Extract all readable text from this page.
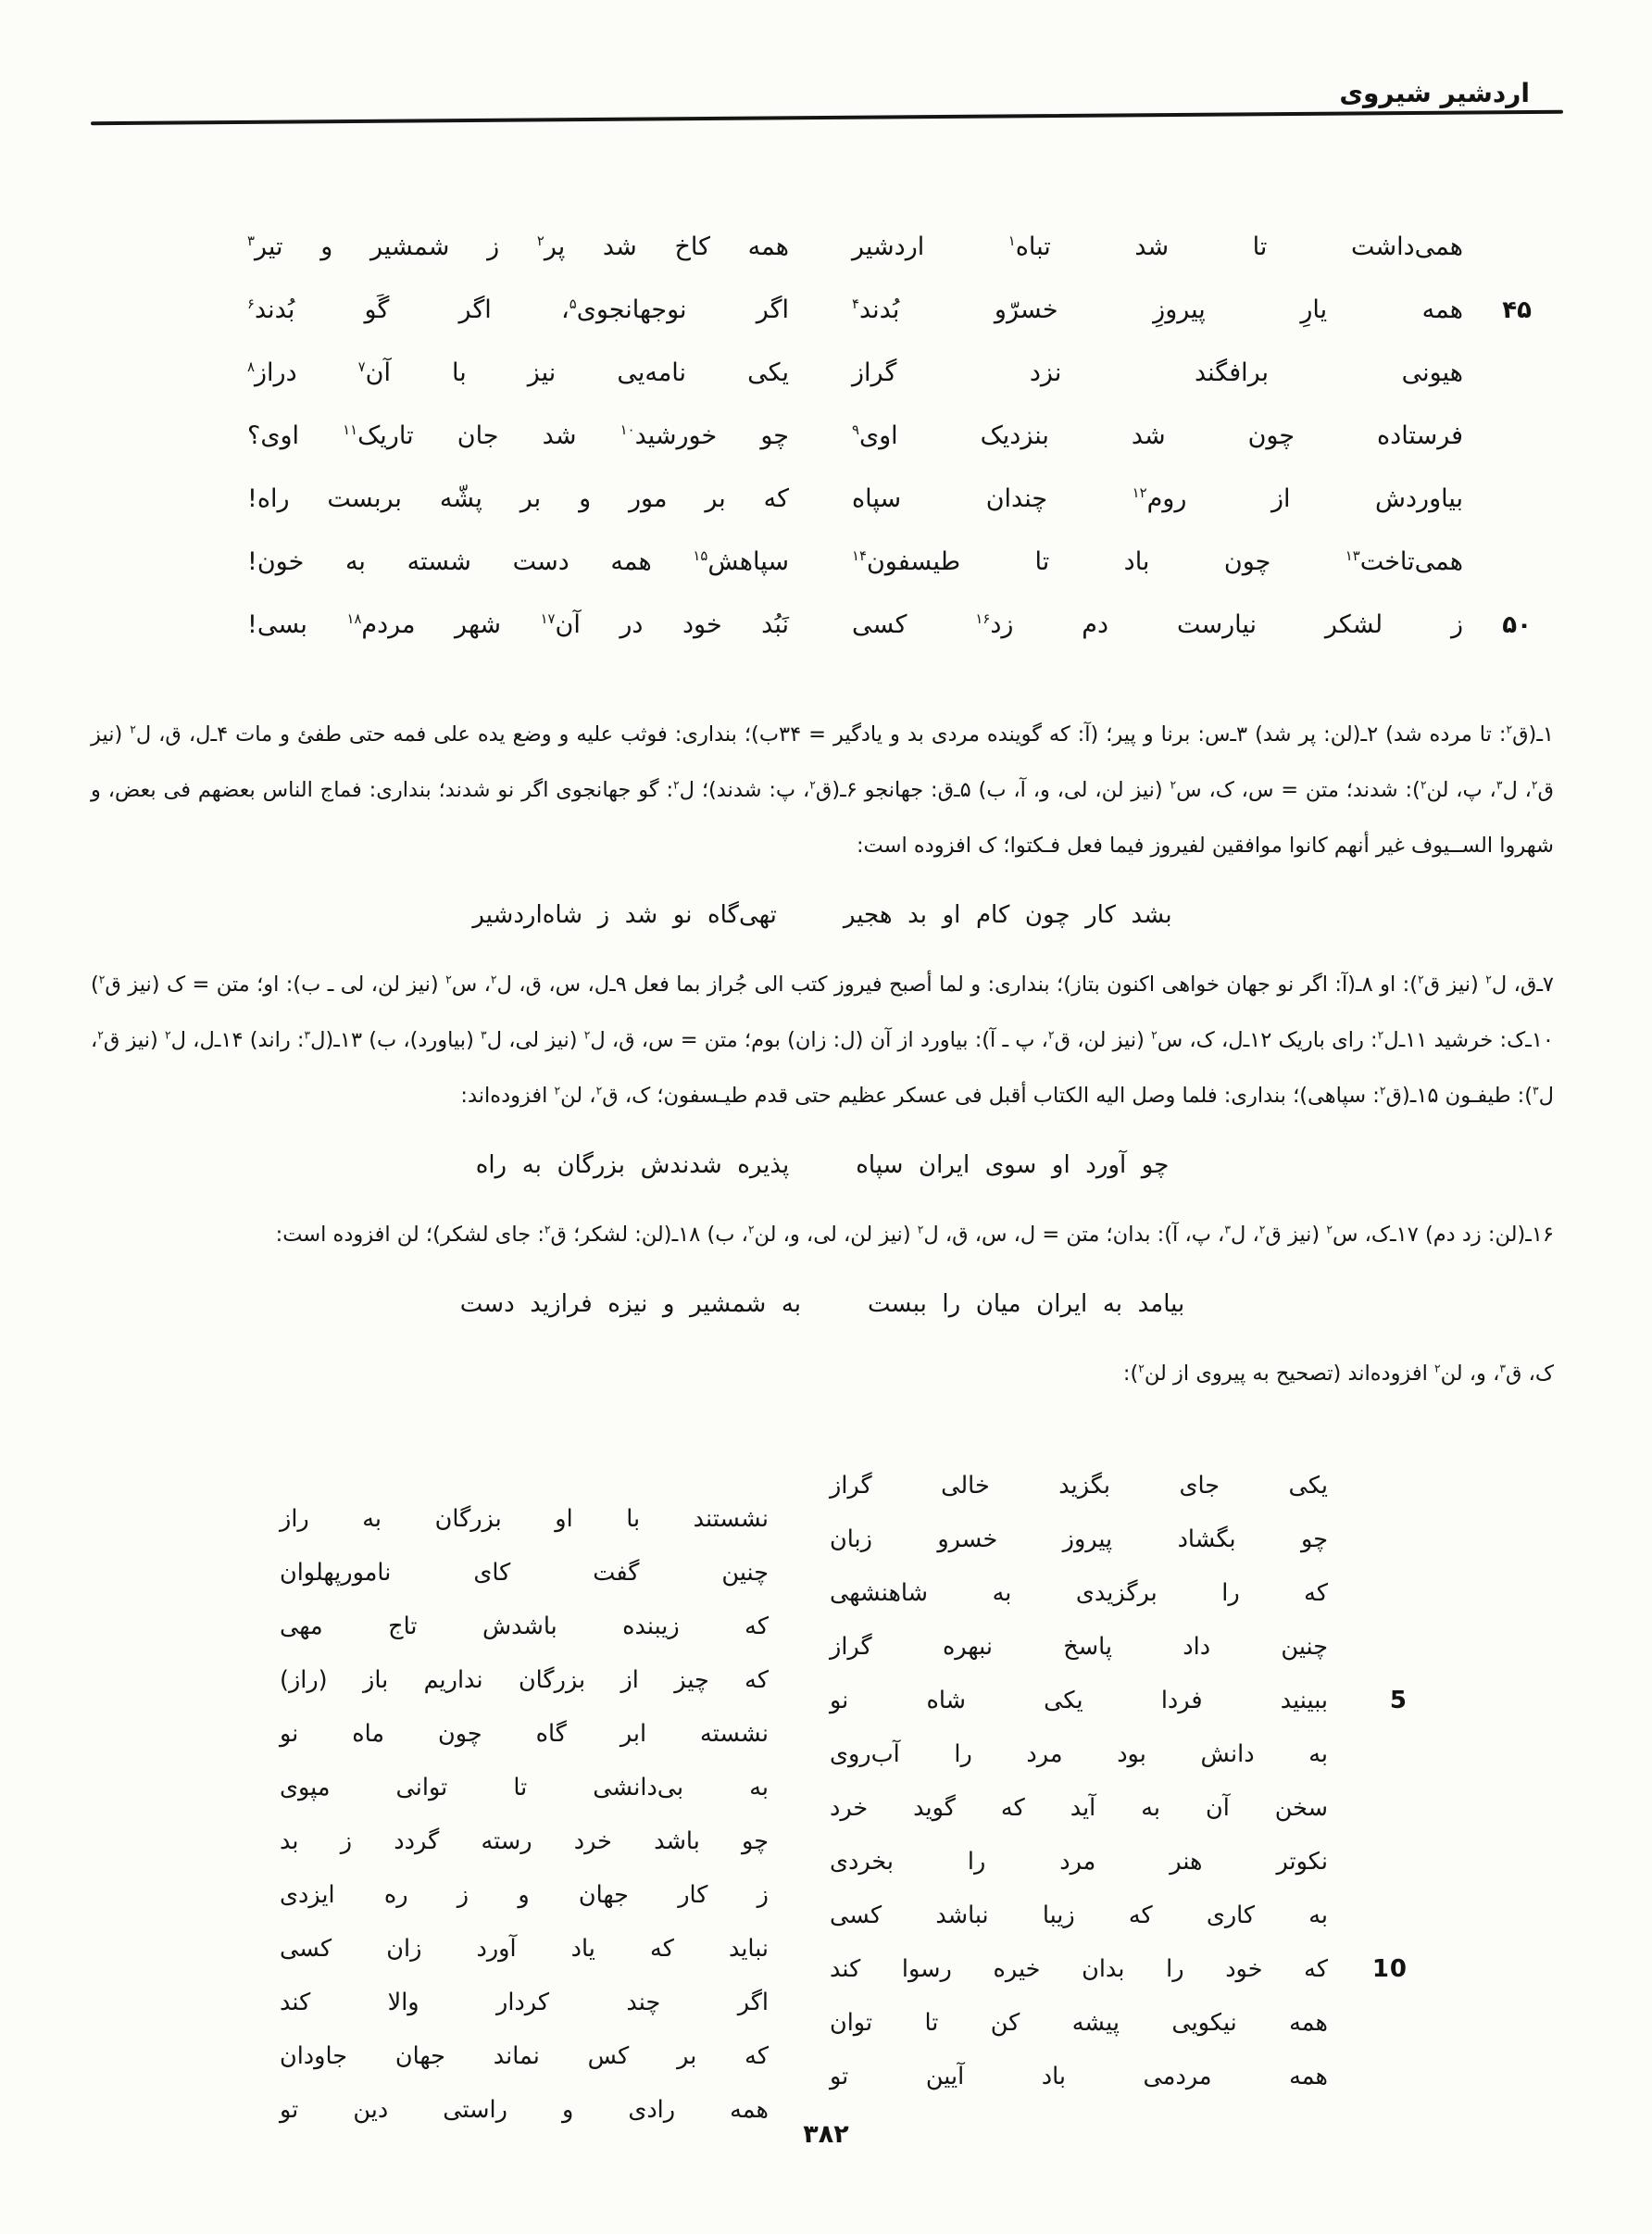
اردشیر شیروی
همی‌داشت تا شد تباه$^۱$ اردشیر
همه کاخ شد پر$^۲$ ز شمشیر و تیر$^۳$
۴۵
همه یارِ پیروزِ خسرّو بُدند$^۴$
اگر نوجهانجوی$^۵$، اگر گَو بُدند$^۶$
هیونی برافگند نزد گراز
یکی نامه‌یی نیز با آن$^۷$ دراز$^۸$
فرستاده چون شد بنزدیک اوی$^۹$
چو خورشید$^{۱۰}$ شد جان تاریک$^{۱۱}$ اوی؟
بیاوردش از روم$^{۱۲}$ چندان سپاه
که بر مور و بر پشّه بربست راه!
همی‌تاخت$^{۱۳}$ چون باد تا طیسفون$^{۱۴}$
سپاهش$^{۱۵}$ همه دست شسته به خون!
۵۰
ز لشکر نیارست دم زد$^{۱۶}$ کسی
نَبُد خود در آن$^{۱۷}$ شهر مردم$^{۱۸}$ بسی!

۱ـ‌(ق$^۲$: تا مرده شد) ۲ـ‌(لن: پر شد) ۳ـ‌س: برنا و پیر؛ (آ: که گوینده مردی بد و یادگیر = ۳۴ب)؛ بنداری: فوثب علیه و وضع یده علی فمه حتی طفئ و مات ۴ـ‌ل، ق، ل$^۲$ (نیز ق$^۲$، ل$^۳$، پ، لن$^۲$): شدند؛ متن = س، ک، س$^۲$ (نیز لن، لی، و، آ، ب) ۵ـ‌ق: جهانجو ۶ـ‌(ق$^۲$، پ: شدند)؛ ل$^۲$: گو جهانجوی اگر نو شدند؛ بنداری: فماج الناس بعضهم فی بعض، و شهروا الســیوف غیر أنهم کانوا موافقین لفیروز فیما فعل فـکتوا؛ ک افزوده است:

بشد کار چون کام او بد هجیر
تهی‌گاه نو شد ز شاه‌اردشیر

۷ـ‌ق، ل$^۲$ (نیز ق$^۲$): او ۸ـ‌(آ: اگر نو جهان خواهی اکنون بتاز)؛ بنداری: و لما أصبح فیروز کتب الی جُراز بما فعل ۹ـ‌ل، س، ق، ل$^۲$، س$^۲$ (نیز لن، لی ـ ب): او؛ متن = ک (نیز ق$^۲$) ۱۰ـ‌ک: خرشید ۱۱ـ‌ل$^۲$: رای باریک ۱۲ـ‌ل، ک، س$^۲$ (نیز لن، ق$^۲$، پ ـ آ): بیاورد از آن (ل: زان) بوم؛ متن = س، ق، ل$^۲$ (نیز لی، ل$^۳$ (بیاورد)، ب) ۱۳ـ‌(ل$^۳$: راند) ۱۴ـ‌ل، ل$^۲$ (نیز ق$^۲$، ل$^۳$): طیفـون ۱۵ـ‌(ق$^۲$: سپاهی)؛ بنداری: فلما وصل الیه الکتاب أقبل فی عسکر عظیم حتی قدم طیـسفون؛ ک، ق$^۲$، لن$^۲$ افزوده‌اند:

چو آورد او سوی ایران سپاه
پذیره شدندش بزرگان به راه

۱۶ـ‌(لن: زد دم) ۱۷ـ‌ک، س$^۲$ (نیز ق$^۲$، ل$^۳$، پ، آ): بدان؛ متن = ل، س، ق، ل$^۲$ (نیز لن، لی، و، لن$^۲$، ب) ۱۸ـ‌(لن: لشکر؛ ق$^۲$: جای لشکر)؛ لن افزوده است:

بیامد به ایران میان را ببست
به شمشیر و نیزه فرازید دست

ک، ق$^۳$، و، لن$^۲$ افزوده‌اند (تصحیح به پیروی از لن$^۲$):

5
10
یکی جای بگزید خالی گراز
چو بگشاد پیروز خسرو زبان
که را برگزیدی به شاهنشهی
چنین داد پاسخ نبهره گراز
ببینید فردا یکی شاه نو
به دانش بود مرد را آب‌روی
سخن آن به آید که گوید خرد
نکوتر هنر مرد را بخردی
به کاری که زیبا نباشد کسی
که خود را بدان خیره رسوا کند
همه نیکویی پیشه کن تا توان
همه مردمی باد آیین تو
نشستند با او بزرگان به راز
چنین گفت کای نامورپهلوان
که زیبنده باشدش تاج مهی
که چیز از بزرگان نداریم باز (راز)
نشسته ابر گاه چون ماه نو
به بی‌دانشی تا توانی مپوی
چو باشد خرد رسته گردد ز بد
ز کار جهان و ز ره ایزدی
نباید که یاد آورد زان کسی
اگر چند کردار والا کند
که بر کس نماند جهان جاودان
همه رادی و راستی دین تو
۳۸۲
